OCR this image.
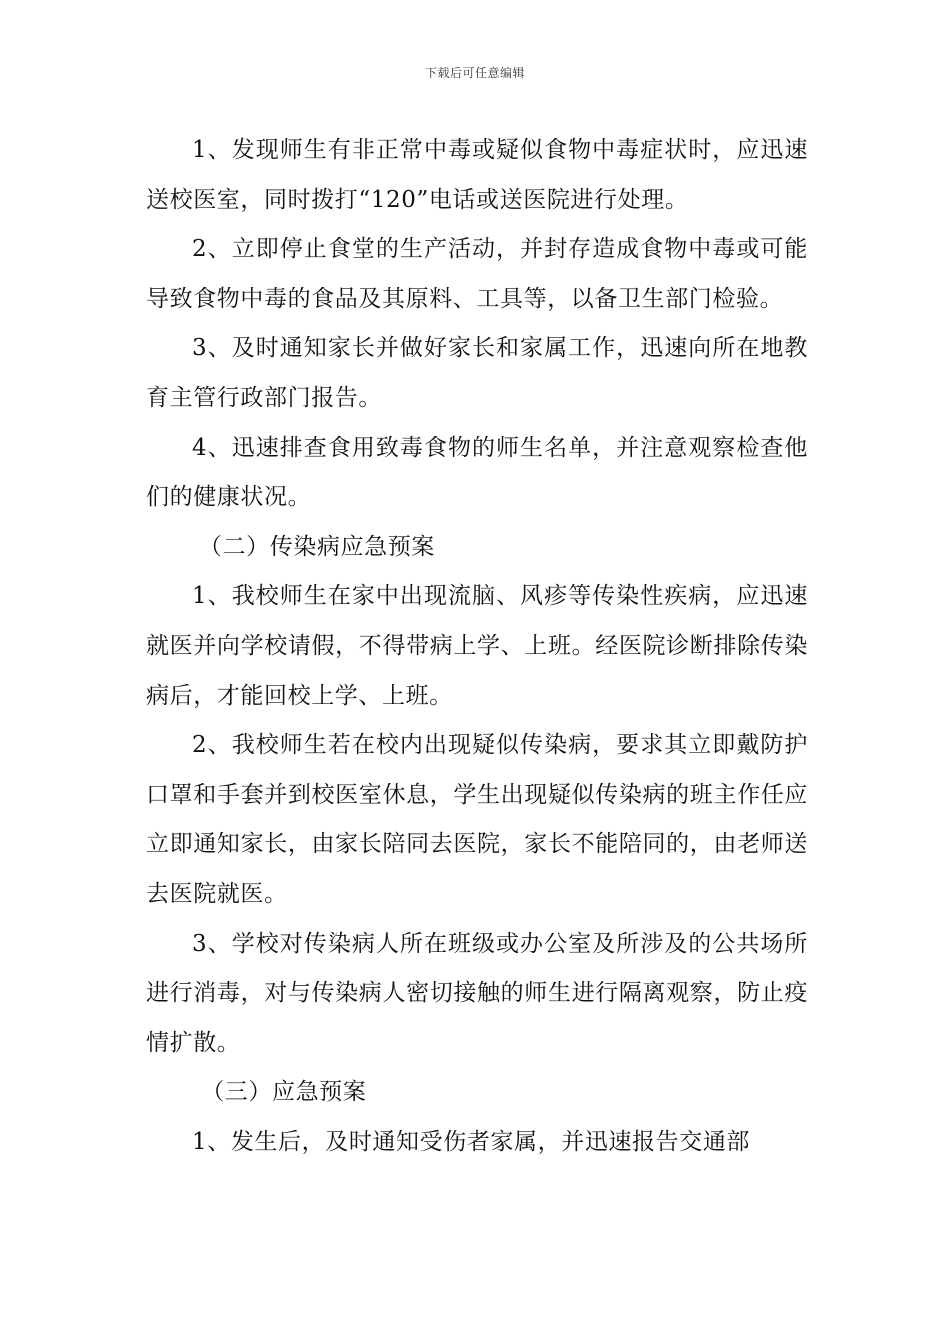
下载后可任意编辑

1、发现师生有非正常中毒或疑似食物中毒症状时，应迅速送校医室，同时拨打“120”电话或送医院进行处理。

2、立即停止食堂的生产活动，并封存造成食物中毒或可能导致食物中毒的食品及其原料、工具等，以备卫生部门检验。

3、及时通知家长并做好家长和家属工作，迅速向所在地教育主管行政部门报告。

4、迅速排查食用致毒食物的师生名单，并注意观察检查他们的健康状况。

（二）传染病应急预案

1、我校师生在家中出现流脑、风疹等传染性疾病，应迅速就医并向学校请假，不得带病上学、上班。经医院诊断排除传染病后，才能回校上学、上班。

2、我校师生若在校内出现疑似传染病，要求其立即戴防护口罩和手套并到校医室休息，学生出现疑似传染病的班主作任应立即通知家长，由家长陪同去医院，家长不能陪同的，由老师送去医院就医。

3、学校对传染病人所在班级或办公室及所涉及的公共场所进行消毒，对与传染病人密切接触的师生进行隔离观察，防止疫情扩散。

（三）应急预案

1、发生后，及时通知受伤者家属，并迅速报告交通部
